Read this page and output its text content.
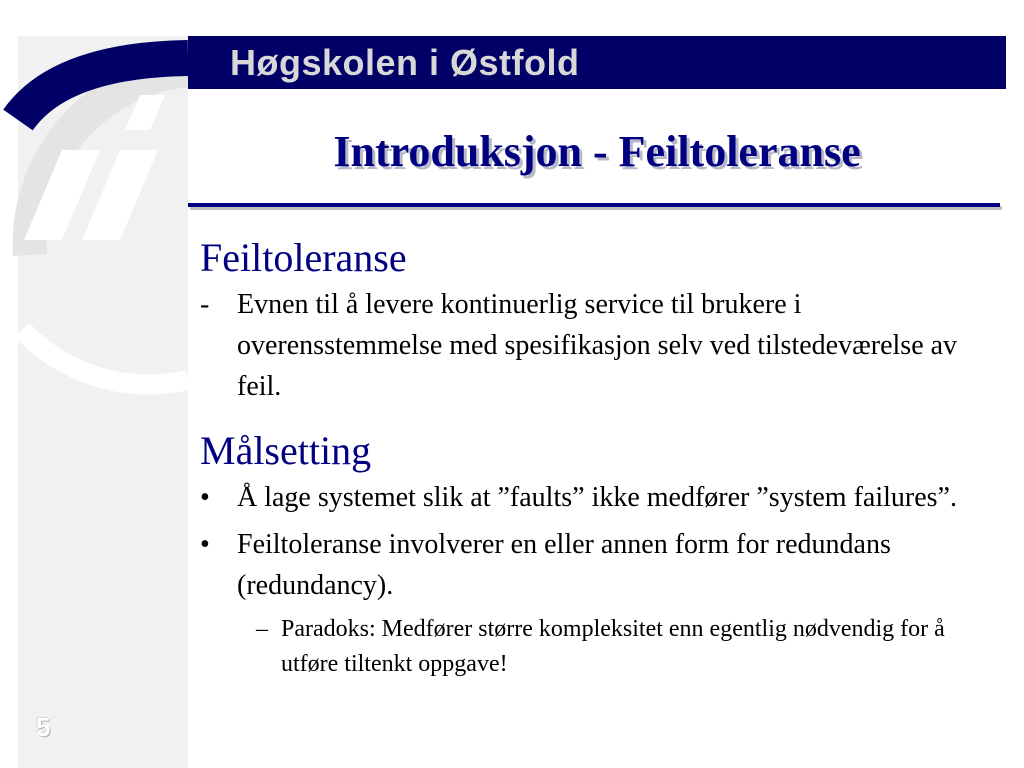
Høgskolen i Østfold
Introduksjon - Feiltoleranse

Feiltoleranse

- Evnen til å levere kontinuerlig service til brukere i overensstemmelse med spesifikasjon selv ved tilstedeværelse av feil.

Målsetting

• Å lage systemet slik at ”faults” ikke medfører ”system failures”.
• Feiltoleranse involverer en eller annen form for redundans (redundancy).
– Paradoks: Medfører større kompleksitet enn egentlig nødvendig for å utføre tiltenkt oppgave!
5
